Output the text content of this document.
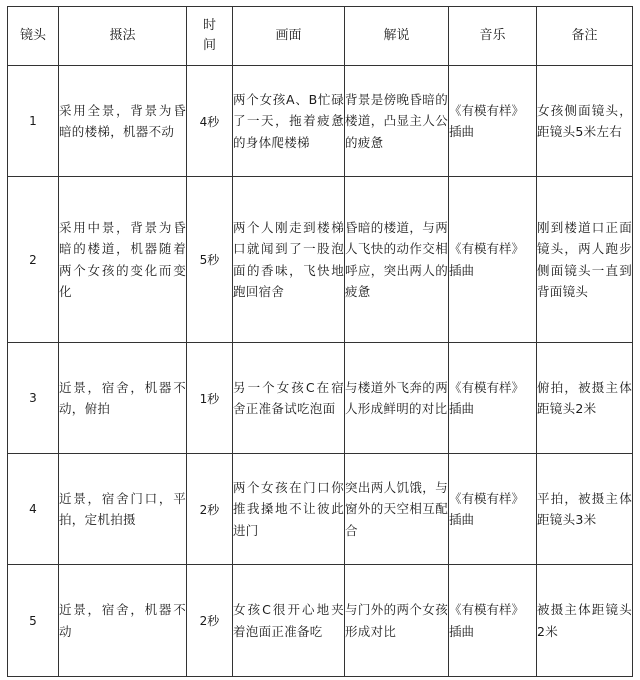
镜头	摄法	时间	画面	解说	音乐	备注
1	采用全景，背景为昏暗的楼梯，机器不动	4秒	两个女孩A、B忙碌了一天，拖着疲惫的身体爬楼梯	背景是傍晚昏暗的楼道，凸显主人公的疲惫	《有模有样》插曲	女孩侧面镜头，距镜头5米左右
2	采用中景，背景为昏暗的楼道，机器随着两个女孩的变化而变化	5秒	两个人刚走到楼梯口就闻到了一股泡面的香味，飞快地跑回宿舍	昏暗的楼道，与两人飞快的动作交相呼应，突出两人的疲惫	《有模有样》插曲	刚到楼道口正面镜头，两人跑步侧面镜头一直到背面镜头
3	近景，宿舍，机器不动，俯拍	1秒	另一个女孩C在宿舍正准备试吃泡面	与楼道外飞奔的两人形成鲜明的对比	《有模有样》插曲	俯拍，被摄主体距镜头2米
4	近景，宿舍门口，平拍，定机拍摄	2秒	两个女孩在门口你推我搡地不让彼此进门	突出两人饥饿，与窗外的天空相互配合	《有模有样》插曲	平拍，被摄主体距镜头3米
5	近景，宿舍，机器不动	2秒	女孩C很开心地夹着泡面正准备吃	与门外的两个女孩形成对比	《有模有样》插曲	被摄主体距镜头2米
